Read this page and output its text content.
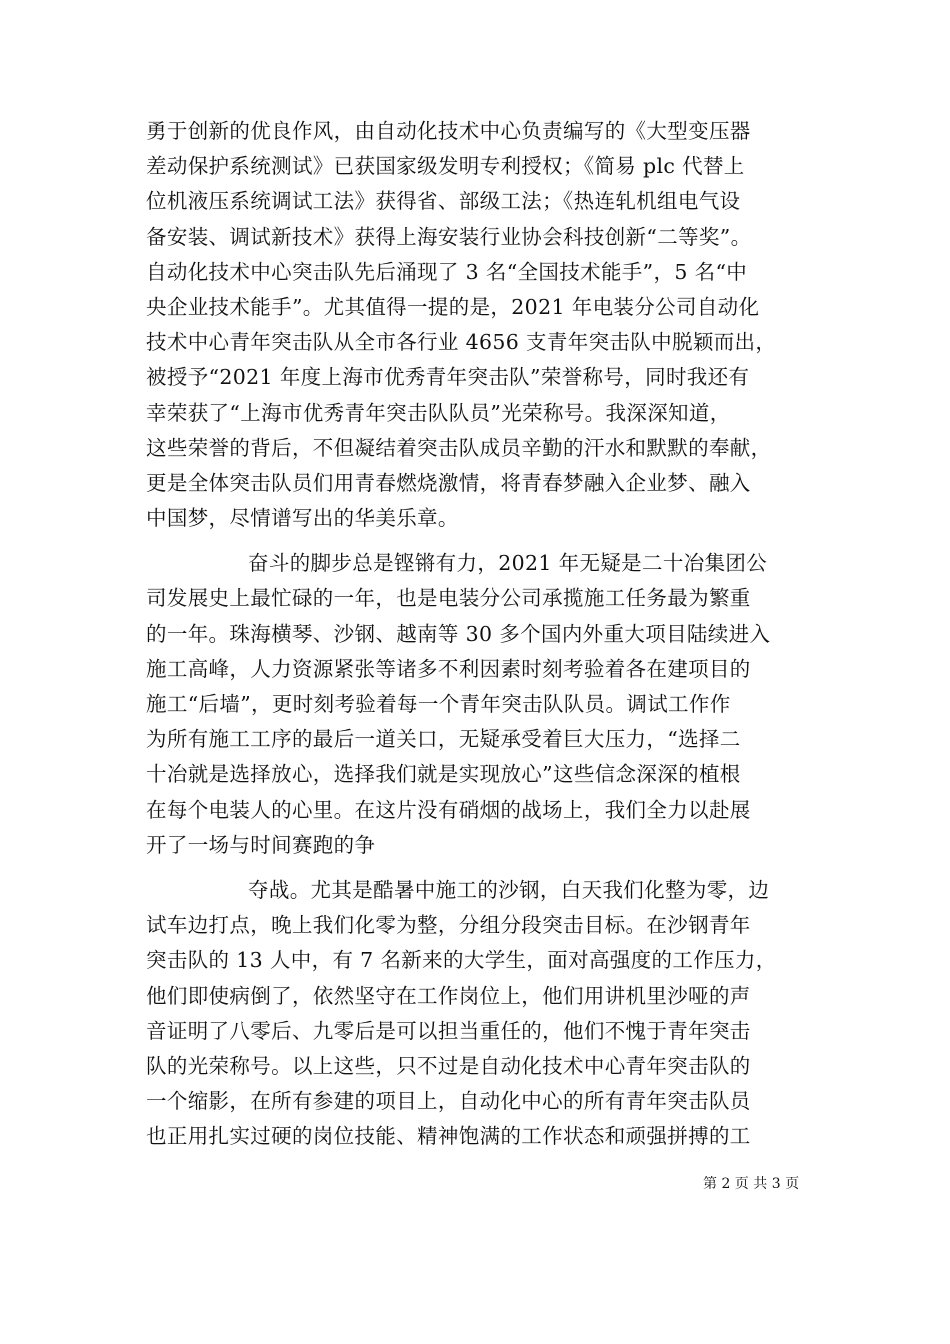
勇于创新的优良作风，由自动化技术中心负责编写的《大型变压器
差动保护系统测试》已获国家级发明专利授权；《简易 plc 代替上
位机液压系统调试工法》获得省、部级工法；《热连轧机组电气设
备安装、调试新技术》获得上海安装行业协会科技创新“二等奖”。
自动化技术中心突击队先后涌现了 3 名“全国技术能手”，5 名“中
央企业技术能手”。尤其值得一提的是，2021 年电装分公司自动化
技术中心青年突击队从全市各行业 4656 支青年突击队中脱颖而出，
被授予“2021 年度上海市优秀青年突击队”荣誉称号，同时我还有
幸荣获了“上海市优秀青年突击队队员”光荣称号。我深深知道，
这些荣誉的背后，不但凝结着突击队成员辛勤的汗水和默默的奉献，
更是全体突击队员们用青春燃烧激情，将青春梦融入企业梦、融入
中国梦，尽情谱写出的华美乐章。
奋斗的脚步总是铿锵有力，2021 年无疑是二十冶集团公
司发展史上最忙碌的一年，也是电装分公司承揽施工任务最为繁重
的一年。珠海横琴、沙钢、越南等 30 多个国内外重大项目陆续进入
施工高峰，人力资源紧张等诸多不利因素时刻考验着各在建项目的
施工“后墙”，更时刻考验着每一个青年突击队队员。调试工作作
为所有施工工序的最后一道关口，无疑承受着巨大压力，“选择二
十冶就是选择放心，选择我们就是实现放心”这些信念深深的植根
在每个电装人的心里。在这片没有硝烟的战场上，我们全力以赴展
开了一场与时间赛跑的争
夺战。尤其是酷暑中施工的沙钢，白天我们化整为零，边
试车边打点，晚上我们化零为整，分组分段突击目标。在沙钢青年
突击队的 13 人中，有 7 名新来的大学生，面对高强度的工作压力，
他们即使病倒了，依然坚守在工作岗位上，他们用讲机里沙哑的声
音证明了八零后、九零后是可以担当重任的，他们不愧于青年突击
队的光荣称号。以上这些，只不过是自动化技术中心青年突击队的
一个缩影，在所有参建的项目上，自动化中心的所有青年突击队员
也正用扎实过硬的岗位技能、精神饱满的工作状态和顽强拼搏的工
第 2 页 共 3 页
